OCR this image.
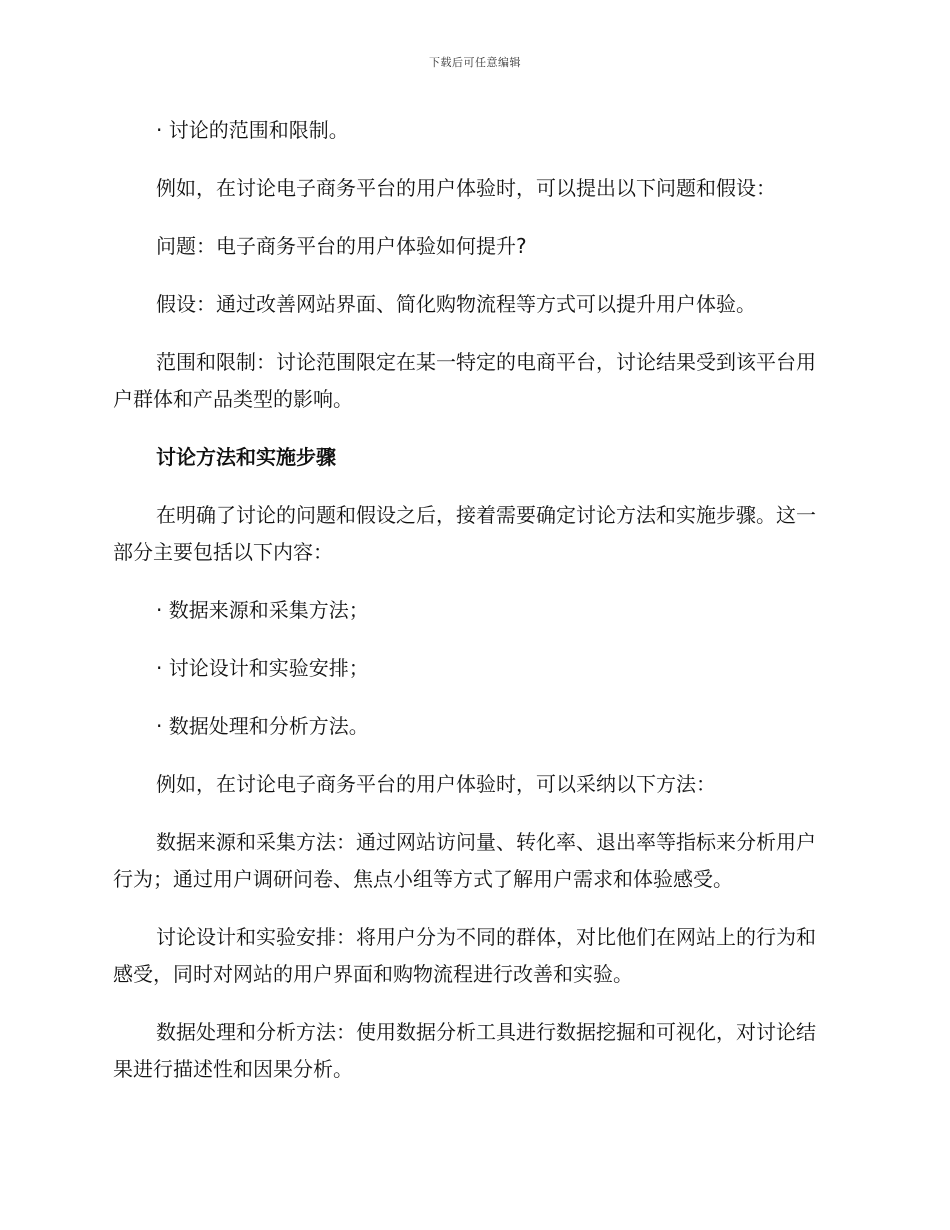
下载后可任意编辑

· 讨论的范围和限制。

例如，在讨论电子商务平台的用户体验时，可以提出以下问题和假设：

问题：电子商务平台的用户体验如何提升?

假设：通过改善网站界面、简化购物流程等方式可以提升用户体验。

范围和限制：讨论范围限定在某一特定的电商平台，讨论结果受到该平台用户群体和产品类型的影响。

讨论方法和实施步骤

在明确了讨论的问题和假设之后，接着需要确定讨论方法和实施步骤。这一部分主要包括以下内容：

· 数据来源和采集方法；

· 讨论设计和实验安排；

· 数据处理和分析方法。

例如，在讨论电子商务平台的用户体验时，可以采纳以下方法：

数据来源和采集方法：通过网站访问量、转化率、退出率等指标来分析用户行为；通过用户调研问卷、焦点小组等方式了解用户需求和体验感受。

讨论设计和实验安排：将用户分为不同的群体，对比他们在网站上的行为和感受，同时对网站的用户界面和购物流程进行改善和实验。

数据处理和分析方法：使用数据分析工具进行数据挖掘和可视化，对讨论结果进行描述性和因果分析。
